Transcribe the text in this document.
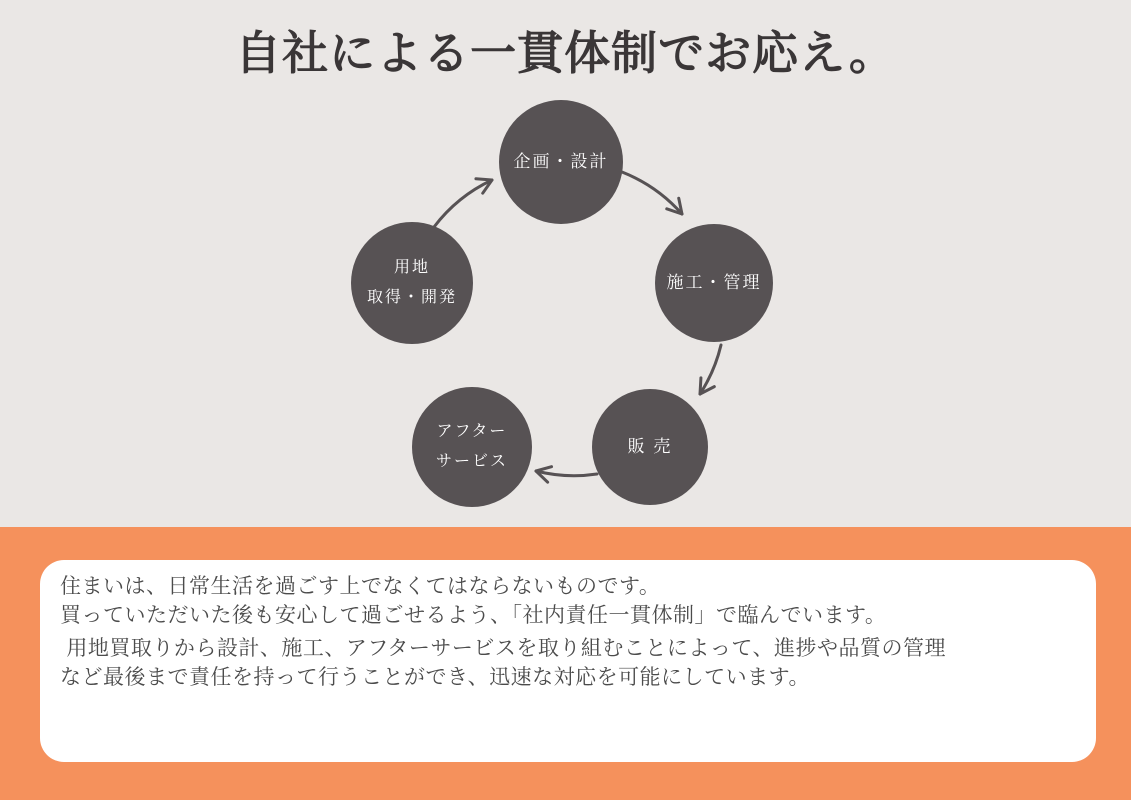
自社による一貫体制でお応え。
企画・設計
施工・管理
販 売
アフター
サービス
用地
取得・開発

住まいは、日常生活を過ごす上でなくてはならないものです。

買っていただいた後も安心して過ごせるよう、「社内責任一貫体制」で臨んでいます。

用地買取りから設計、施工、アフターサービスを取り組むことによって、進捗や品質の管理

など最後まで責任を持って行うことができ、迅速な対応を可能にしています。
